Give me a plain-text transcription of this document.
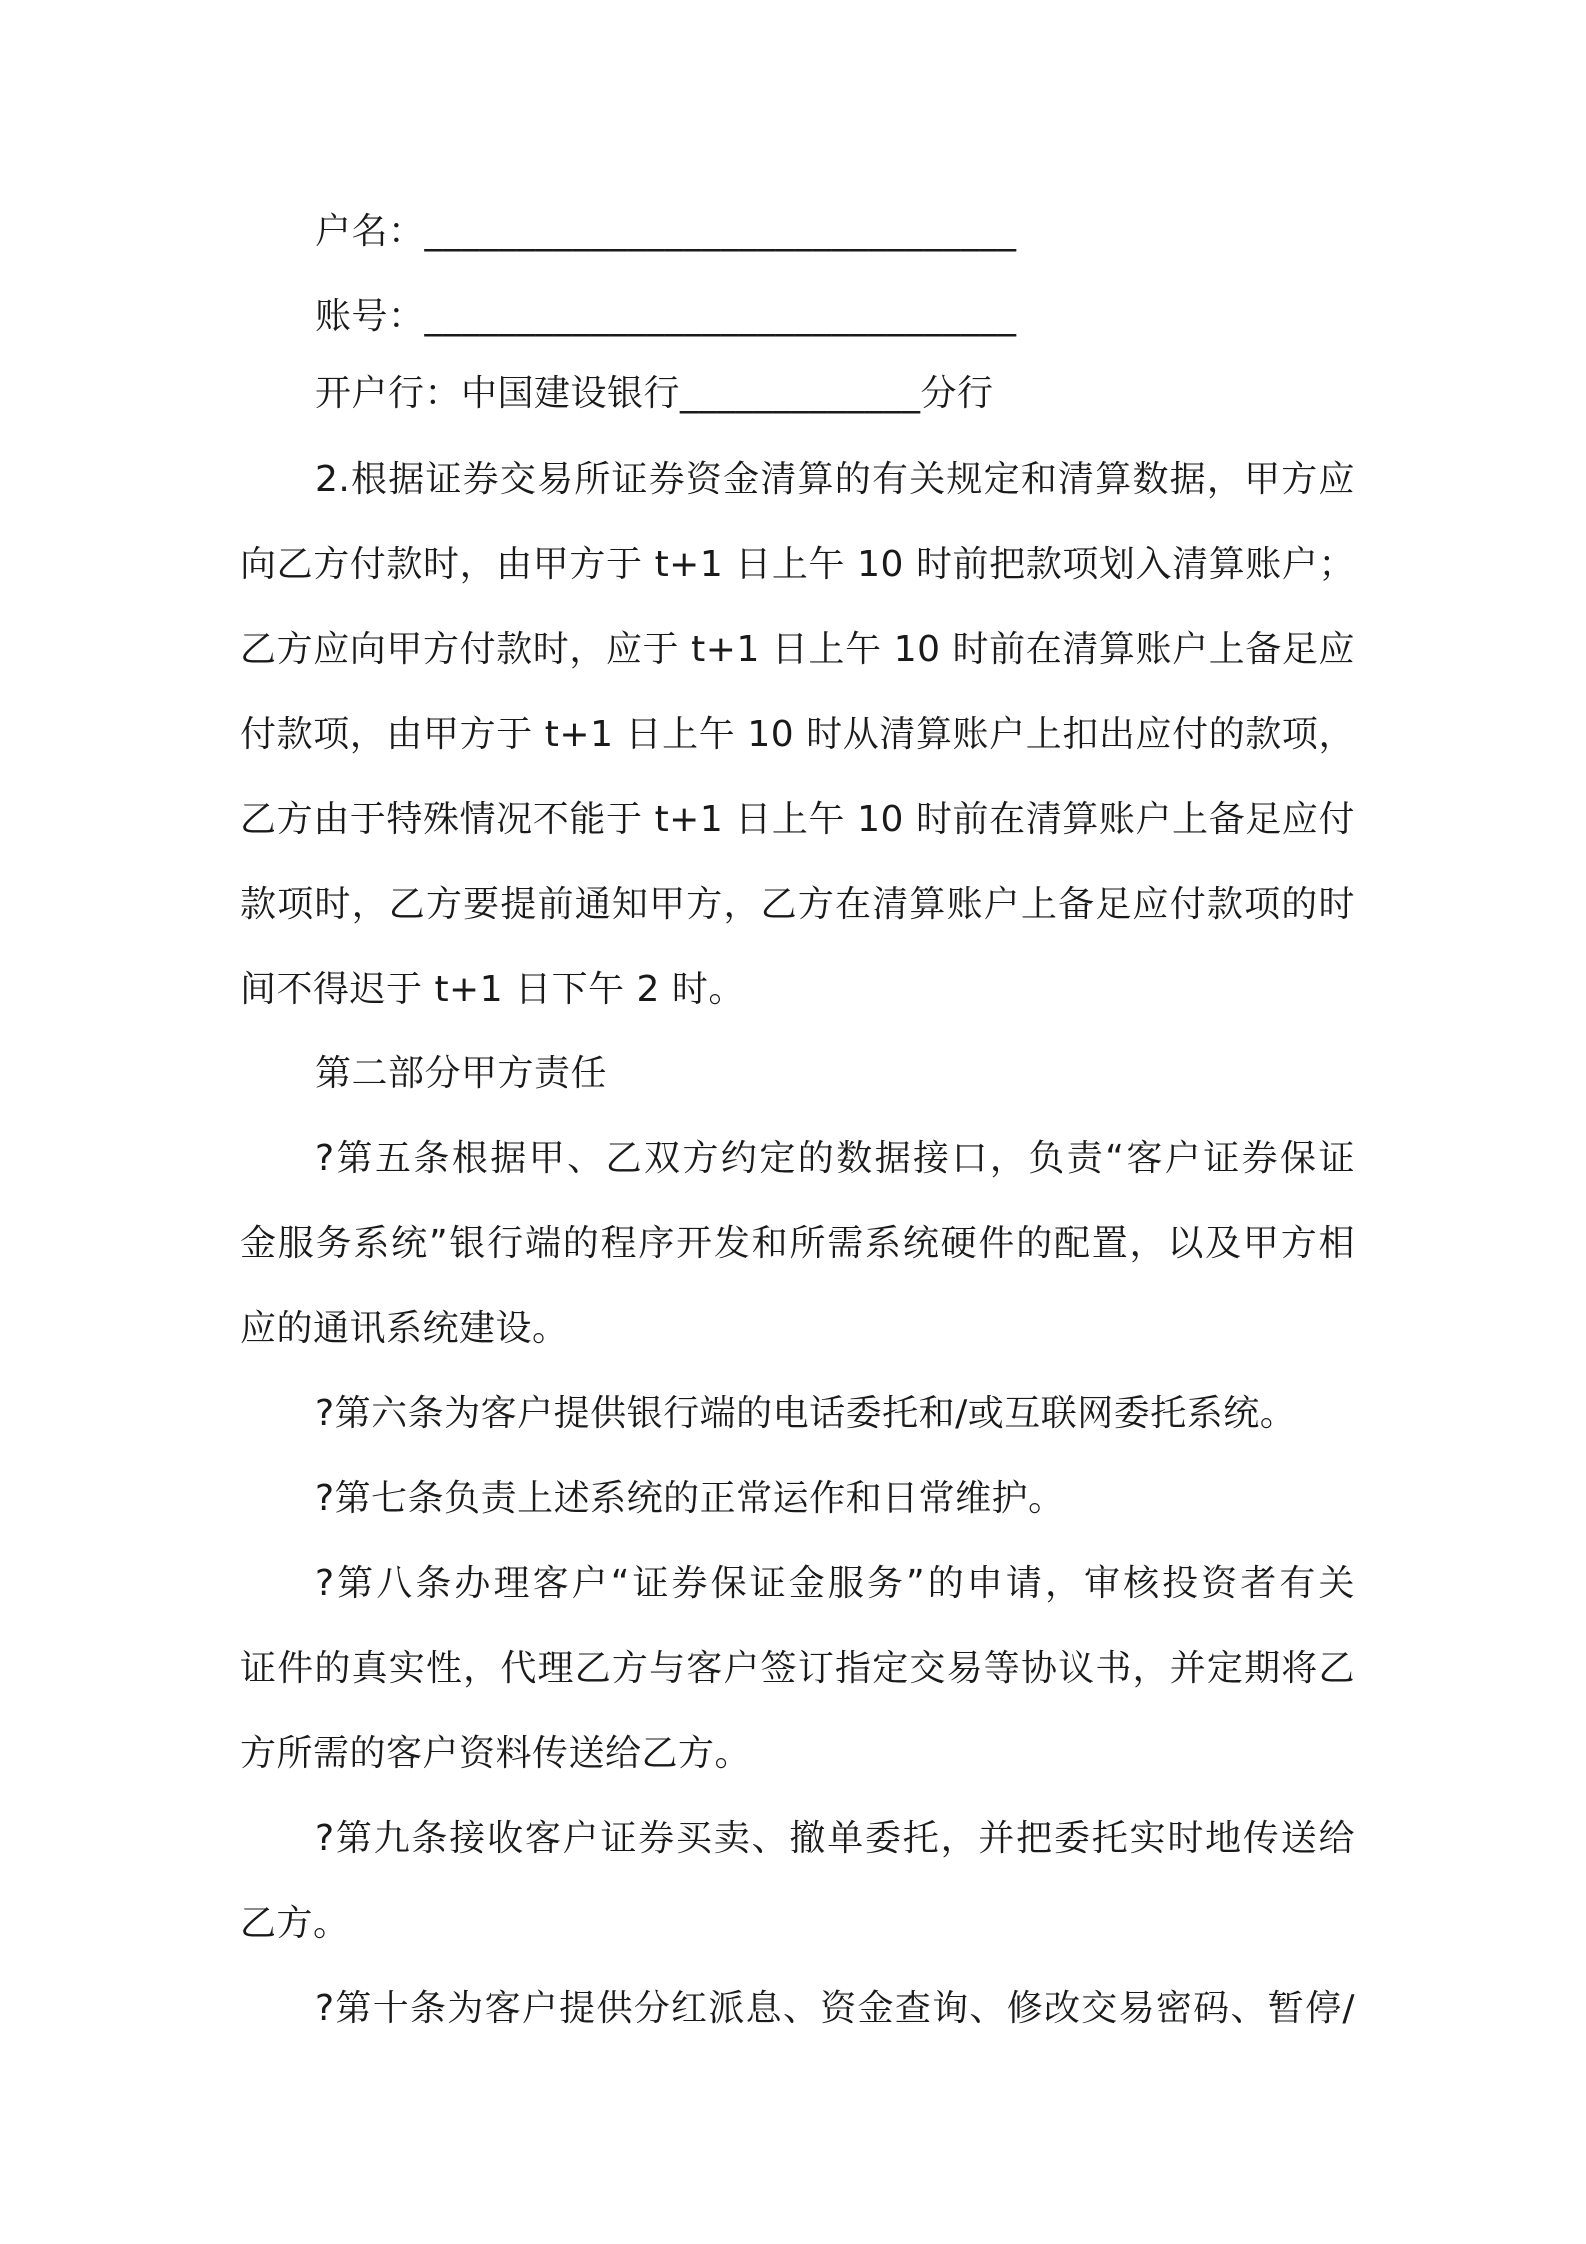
户名：________________________________
账号：________________________________
开户行：中国建设银行_____________分行
2.根据证券交易所证券资金清算的有关规定和清算数据，甲方应
向乙方付款时，由甲方于 t+1 日上午 10 时前把款项划入清算账户；
乙方应向甲方付款时，应于 t+1 日上午 10 时前在清算账户上备足应
付款项，由甲方于 t+1 日上午 10 时从清算账户上扣出应付的款项，
乙方由于特殊情况不能于 t+1 日上午 10 时前在清算账户上备足应付
款项时，乙方要提前通知甲方，乙方在清算账户上备足应付款项的时
间不得迟于 t+1 日下午 2 时。
第二部分甲方责任
?第五条根据甲、乙双方约定的数据接口，负责“客户证券保证
金服务系统”银行端的程序开发和所需系统硬件的配置，以及甲方相
应的通讯系统建设。
?第六条为客户提供银行端的电话委托和/或互联网委托系统。
?第七条负责上述系统的正常运作和日常维护。
?第八条办理客户“证券保证金服务”的申请，审核投资者有关
证件的真实性，代理乙方与客户签订指定交易等协议书，并定期将乙
方所需的客户资料传送给乙方。
?第九条接收客户证券买卖、撤单委托，并把委托实时地传送给
乙方。
?第十条为客户提供分红派息、资金查询、修改交易密码、暂停/
